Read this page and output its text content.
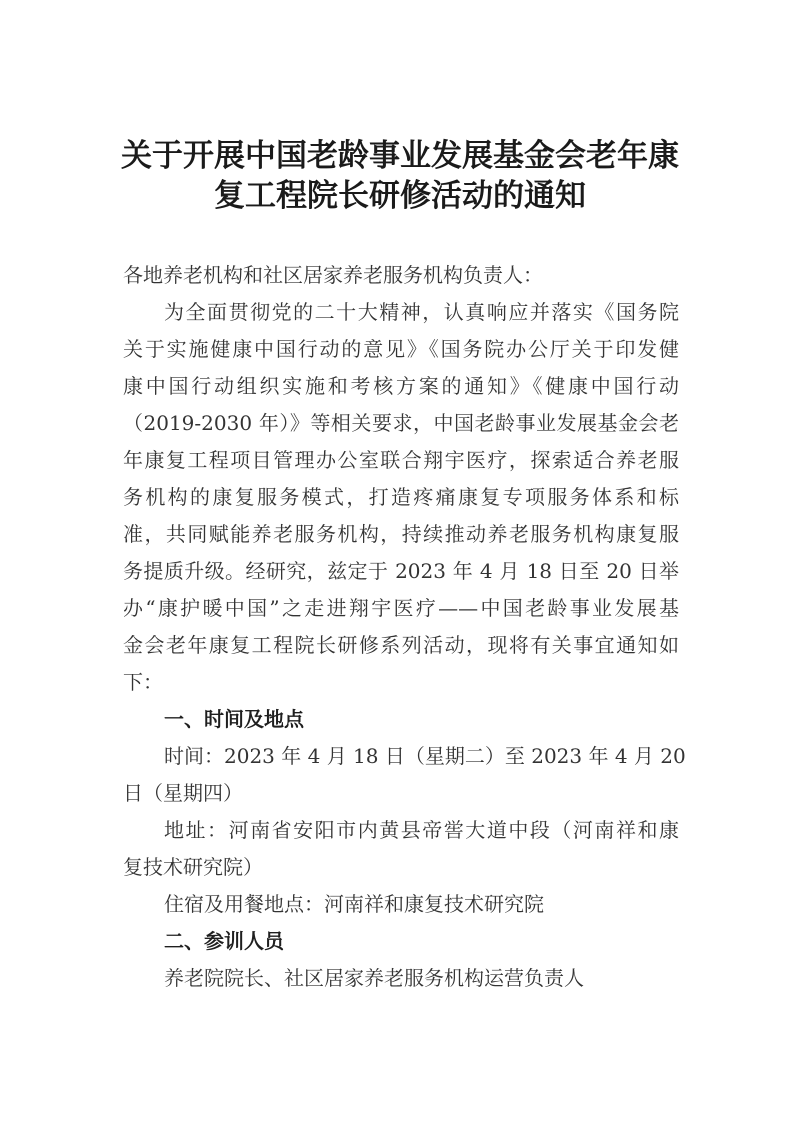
关于开展中国老龄事业发展基金会老年康
复工程院长研修活动的通知
各地养老机构和社区居家养老服务机构负责人：
为全面贯彻党的二十大精神，认真响应并落实《国务院
关于实施健康中国行动的意见》《国务院办公厅关于印发健
康中国行动组织实施和考核方案的通知》《健康中国行动
（2019-2030 年）》等相关要求，中国老龄事业发展基金会老
年康复工程项目管理办公室联合翔宇医疗，探索适合养老服
务机构的康复服务模式，打造疼痛康复专项服务体系和标
准，共同赋能养老服务机构，持续推动养老服务机构康复服
务提质升级。经研究，兹定于 2023 年 4 月 18 日至 20 日举
办“康护暖中国”之走进翔宇医疗——中国老龄事业发展基
金会老年康复工程院长研修系列活动，现将有关事宜通知如
下：
一、时间及地点
时间：2023 年 4 月 18 日（星期二）至 2023 年 4 月 20
日（星期四）
地址：河南省安阳市内黄县帝喾大道中段（河南祥和康
复技术研究院）
住宿及用餐地点：河南祥和康复技术研究院
二、参训人员
养老院院长、社区居家养老服务机构运营负责人
